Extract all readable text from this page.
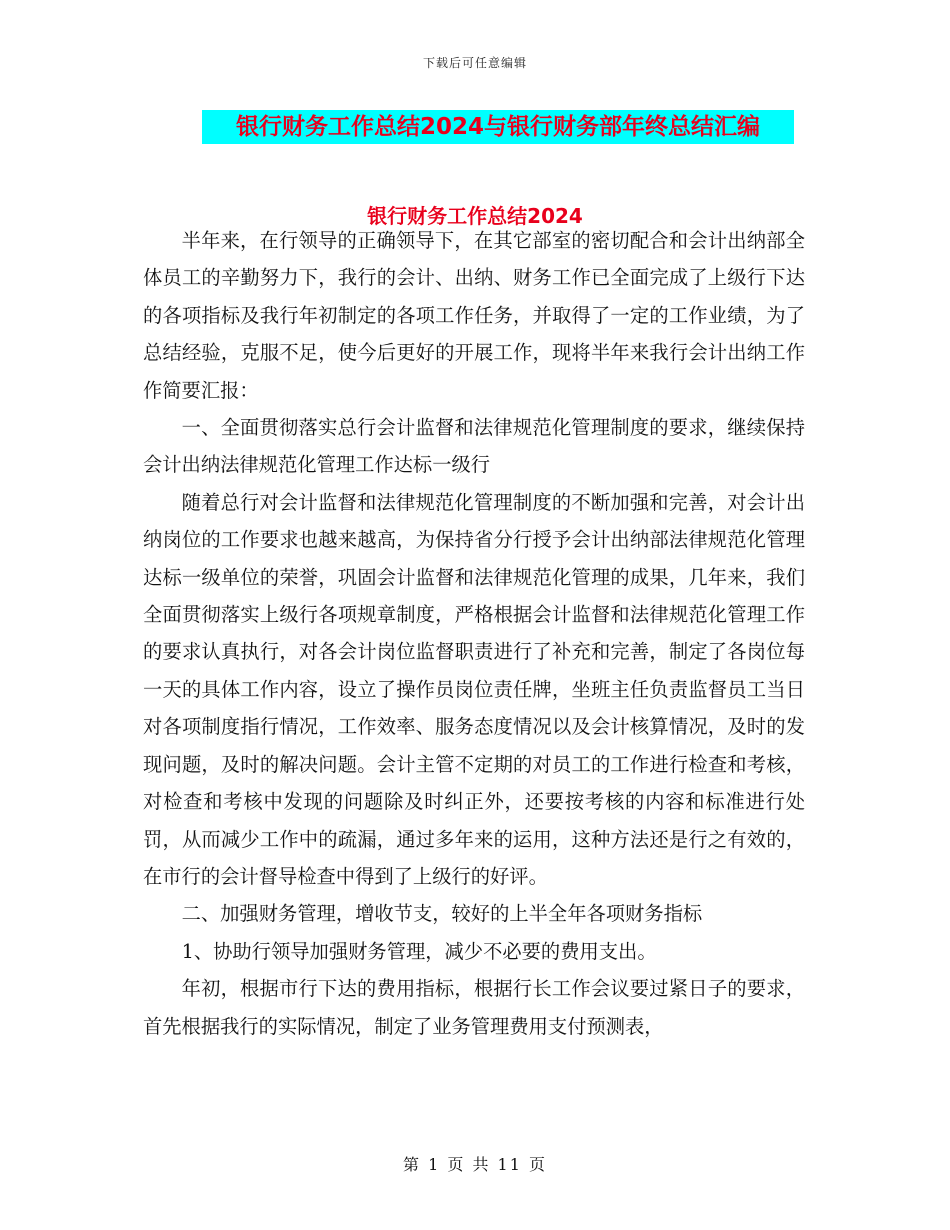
下载后可任意编辑
银行财务工作总结2024与银行财务部年终总结汇编
银行财务工作总结2024

半年来，在行领导的正确领导下，在其它部室的密切配合和会计出纳部全体员工的辛勤努力下，我行的会计、出纳、财务工作已全面完成了上级行下达的各项指标及我行年初制定的各项工作任务，并取得了一定的工作业绩，为了总结经验，克服不足，使今后更好的开展工作，现将半年来我行会计出纳工作作简要汇报：

一、全面贯彻落实总行会计监督和法律规范化管理制度的要求，继续保持会计出纳法律规范化管理工作达标一级行

随着总行对会计监督和法律规范化管理制度的不断加强和完善，对会计出纳岗位的工作要求也越来越高，为保持省分行授予会计出纳部法律规范化管理达标一级单位的荣誉，巩固会计监督和法律规范化管理的成果，几年来，我们全面贯彻落实上级行各项规章制度，严格根据会计监督和法律规范化管理工作的要求认真执行，对各会计岗位监督职责进行了补充和完善，制定了各岗位每一天的具体工作内容，设立了操作员岗位责任牌，坐班主任负责监督员工当日对各项制度指行情况，工作效率、服务态度情况以及会计核算情况，及时的发现问题，及时的解决问题。会计主管不定期的对员工的工作进行检查和考核，对检查和考核中发现的问题除及时纠正外，还要按考核的内容和标准进行处罚，从而减少工作中的疏漏，通过多年来的运用，这种方法还是行之有效的，在市行的会计督导检查中得到了上级行的好评。

二、加强财务管理，增收节支，较好的上半全年各项财务指标

1、协助行领导加强财务管理，减少不必要的费用支出。

年初，根据市行下达的费用指标，根据行长工作会议要过紧日子的要求，首先根据我行的实际情况，制定了业务管理费用支付预测表，

第 1 页 共 11 页
